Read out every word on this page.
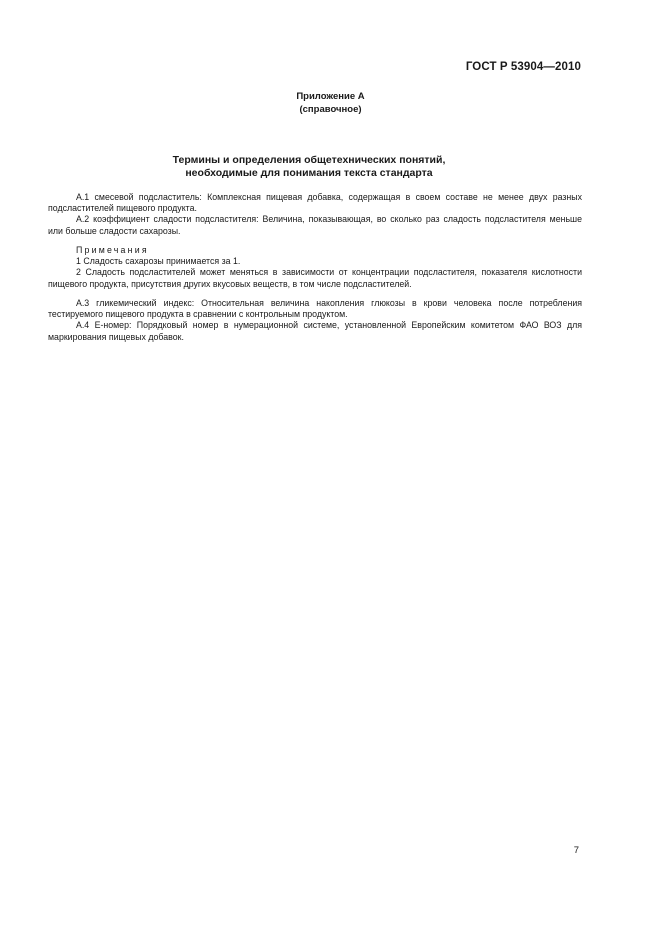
ГОСТ Р 53904—2010
Приложение А
(справочное)
Термины и определения общетехнических понятий,
необходимые для понимания текста стандарта

А.1 смесевой подсластитель: Комплексная пищевая добавка, содержащая в своем составе не менее двух разных подсластителей пищевого продукта.

А.2 коэффициент сладости подсластителя: Величина, показывающая, во сколько раз сладость подсластителя меньше или больше сладости сахарозы.

Примечания

1 Сладость сахарозы принимается за 1.

2 Сладость подсластителей может меняться в зависимости от концентрации подсластителя, показателя кислотности пищевого продукта, присутствия других вкусовых веществ, в том числе подсластителей.

А.3 гликемический индекс: Относительная величина накопления глюкозы в крови человека после потребления тестируемого пищевого продукта в сравнении с контрольным продуктом.

А.4 Е-номер: Порядковый номер в нумерационной системе, установленной Европейским комитетом ФАО ВОЗ для маркирования пищевых добавок.

7
